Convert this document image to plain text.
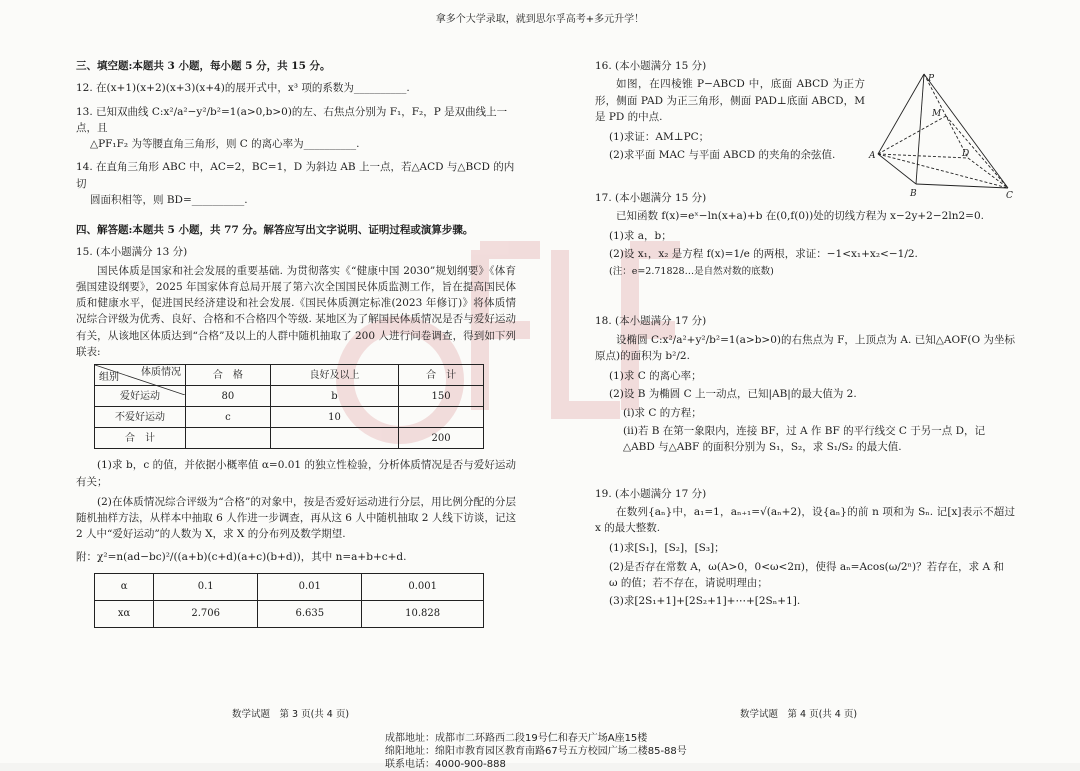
拿多个大学录取，就到思尔孚高考+多元升学！
三、填空题:本题共 3 小题，每小题 5 分，共 15 分。
12. 在(x+1)(x+2)(x+3)(x+4)的展开式中，x³ 项的系数为__________.
13. 已知双曲线 C:x²/a²−y²/b²=1(a>0,b>0)的左、右焦点分别为 F₁，F₂，P 是双曲线上一点，且
△PF₁F₂ 为等腰直角三角形，则 C 的离心率为__________.
14. 在直角三角形 ABC 中，AC=2，BC=1，D 为斜边 AB 上一点，若△ACD 与△BCD 的内切
圆面积相等，则 BD=__________.
四、解答题:本题共 5 小题，共 77 分。解答应写出文字说明、证明过程或演算步骤。
15. (本小题满分 13 分)
国民体质是国家和社会发展的重要基础. 为贯彻落实《“健康中国 2030”规划纲要》《体育强国建设纲要》，2025 年国家体育总局开展了第六次全国国民体质监测工作，旨在提高国民体质和健康水平，促进国民经济建设和社会发展.《国民体质测定标准(2023 年修订)》将体质情况综合评级为优秀、良好、合格和不合格四个等级. 某地区为了解国民体质情况是否与爱好运动有关，从该地区体质达到“合格”及以上的人群中随机抽取了 200 人进行问卷调查，得到如下列联表:
体质情况
组别	合　格	良好及以上	合　计
爱好运动	80	b	150
不爱好运动	c	10	
合　计			200
(1)求 b，c 的值，并依据小概率值 α=0.01 的独立性检验，分析体质情况是否与爱好运动有关；
(2)在体质情况综合评级为“合格”的对象中，按是否爱好运动进行分层，用比例分配的分层随机抽样方法，从样本中抽取 6 人作进一步调查，再从这 6 人中随机抽取 2 人线下访谈，记这 2 人中“爱好运动”的人数为 X，求 X 的分布列及数学期望.
附：χ²=n(ad−bc)²/((a+b)(c+d)(a+c)(b+d))，其中 n=a+b+c+d.
α	0.1	0.01	0.001
xα	2.706	6.635	10.828
16. (本小题满分 15 分)
如图，在四棱锥 P−ABCD 中，底面 ABCD 为正方形，侧面 PAD 为正三角形，侧面 PAD⊥底面 ABCD，M 是 PD 的中点.
(1)求证：AM⊥PC；
(2)求平面 MAC 与平面 ABCD 的夹角的余弦值.
17. (本小题满分 15 分)
已知函数 f(x)=eˣ−ln(x+a)+b 在(0,f(0))处的切线方程为 x−2y+2−2ln2=0.
(1)求 a，b；
(2)设 x₁，x₂ 是方程 f(x)=1/e 的两根，求证：−1<x₁+x₂<−1/2.
(注：e=2.71828…是自然对数的底数)
18. (本小题满分 17 分)
设椭圆 C:x²/a²+y²/b²=1(a>b>0)的右焦点为 F，上顶点为 A. 已知△AOF(O 为坐标原点)的面积为 b²/2.
(1)求 C 的离心率；
(2)设 B 为椭圆 C 上一动点，已知|AB|的最大值为 2.
(i)求 C 的方程；
(ii)若 B 在第一象限内，连接 BF，过 A 作 BF 的平行线交 C 于另一点 D，记△ABD 与△ABF 的面积分别为 S₁，S₂，求 S₁/S₂ 的最大值.
19. (本小题满分 17 分)
在数列{aₙ}中，a₁=1，aₙ₊₁=√(aₙ+2)，设{aₙ}的前 n 项和为 Sₙ. 记[x]表示不超过 x 的最大整数.
(1)求[S₁]，[S₂]，[S₃]；
(2)是否存在常数 A，ω(A>0，0<ω<2π)，使得 aₙ=Acos(ω/2ⁿ)？若存在，求 A 和 ω 的值；若不存在，请说明理由；
(3)求[2S₁+1]+[2S₂+1]+⋯+[2Sₙ+1].
P
M
A
B	C
D
数学试题　第 3 页(共 4 页)	数学试题　第 4 页(共 4 页)
成都地址：成都市二环路西二段19号仁和春天广场A座15楼
绵阳地址：绵阳市教育园区教育南路67号五方校园广场二楼85-88号
联系电话：4000-900-888
